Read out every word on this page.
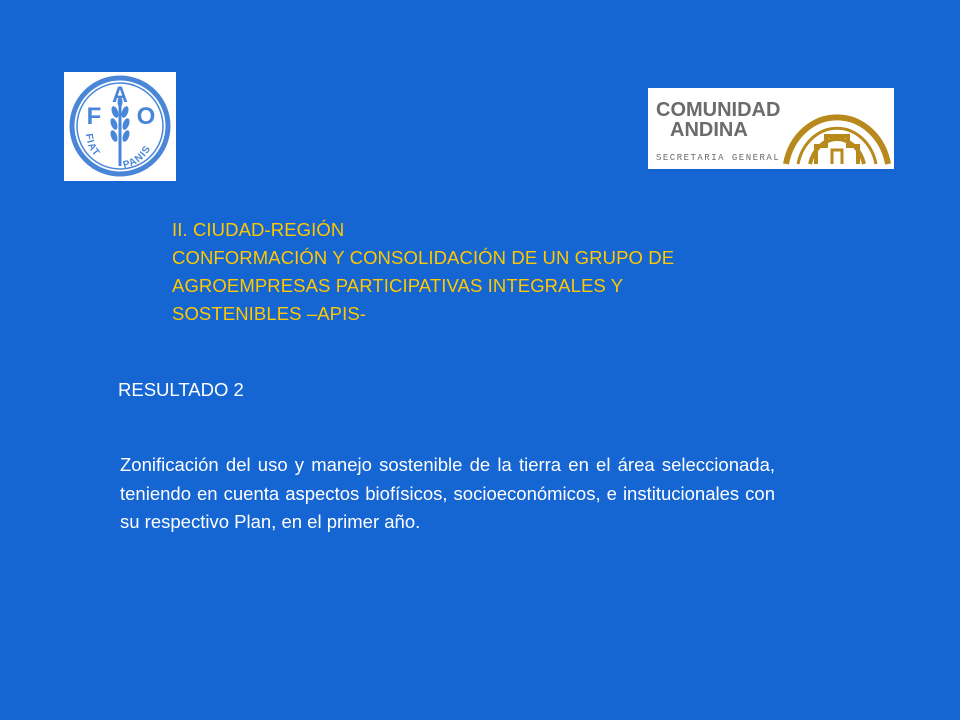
F
A
O
FIAT
PANIS
COMUNIDAD
ANDINA
SECRETARIA GENERAL
II. CIUDAD-REGIÓN
CONFORMACIÓN Y CONSOLIDACIÓN DE UN GRUPO DE
AGROEMPRESAS PARTICIPATIVAS INTEGRALES Y
SOSTENIBLES –APIS-
RESULTADO 2
Zonificación del uso y manejo sostenible de la tierra en el área seleccionada, teniendo en cuenta aspectos biofísicos, socioeconómicos, e institucionales con su respectivo Plan, en el primer año.
